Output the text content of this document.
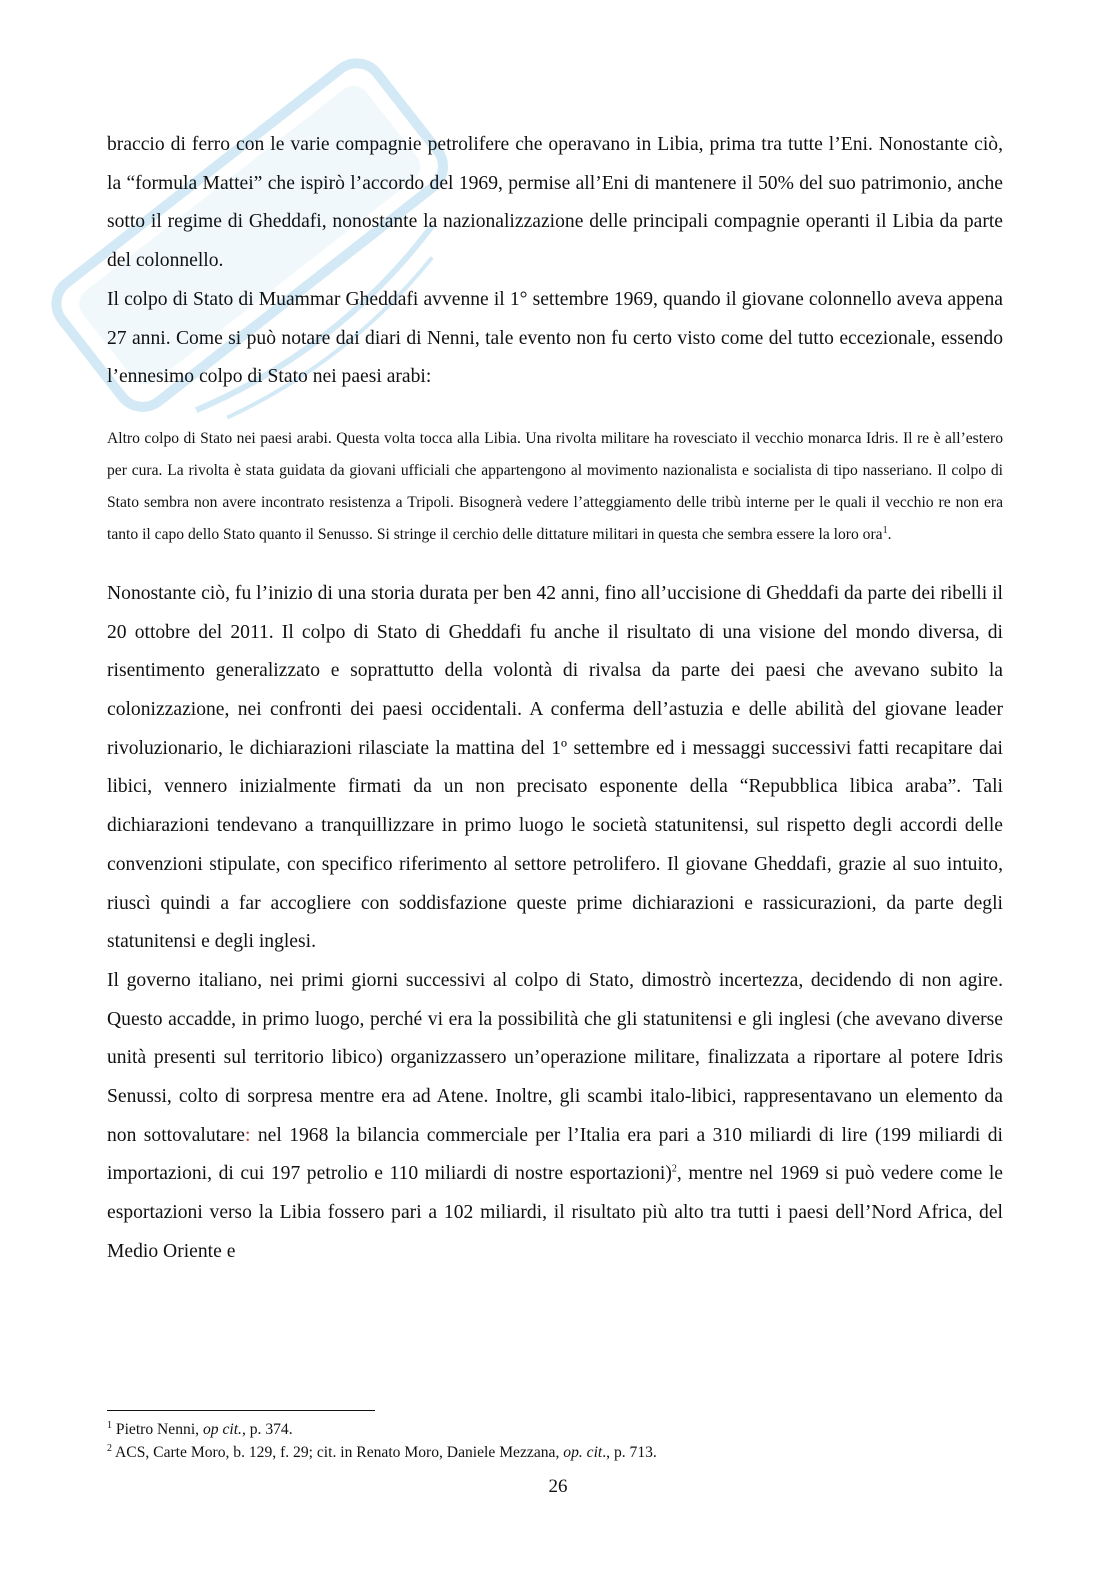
braccio di ferro con le varie compagnie petrolifere che operavano in Libia, prima tra tutte l’Eni. Nonostante ciò, la “formula Mattei” che ispirò l’accordo del 1969, permise all’Eni di mantenere il 50% del suo patrimonio, anche sotto il regime di Gheddafi, nonostante la nazionalizzazione delle principali compagnie operanti il Libia da parte del colonnello.

Il colpo di Stato di Muammar Gheddafi avvenne il 1° settembre 1969, quando il giovane colonnello aveva appena 27 anni. Come si può notare dai diari di Nenni, tale evento non fu certo visto come del tutto eccezionale, essendo l’ennesimo colpo di Stato nei paesi arabi:

Altro colpo di Stato nei paesi arabi. Questa volta tocca alla Libia. Una rivolta militare ha rovesciato il vecchio monarca Idris. Il re è all’estero per cura. La rivolta è stata guidata da giovani ufficiali che appartengono al movimento nazionalista e socialista di tipo nasseriano. Il colpo di Stato sembra non avere incontrato resistenza a Tripoli. Bisognerà vedere l’atteggiamento delle tribù interne per le quali il vecchio re non era tanto il capo dello Stato quanto il Senusso. Si stringe il cerchio delle dittature militari in questa che sembra essere la loro ora$^1$.

Nonostante ciò, fu l’inizio di una storia durata per ben 42 anni, fino all’uccisione di Gheddafi da parte dei ribelli il 20 ottobre del 2011. Il colpo di Stato di Gheddafi fu anche il risultato di una visione del mondo diversa, di risentimento generalizzato e soprattutto della volontà di rivalsa da parte dei paesi che avevano subito la colonizzazione, nei confronti dei paesi occidentali. A conferma dell’astuzia e delle abilità del giovane leader rivoluzionario, le dichiarazioni rilasciate la mattina del 1º settembre ed i messaggi successivi fatti recapitare dai libici, vennero inizialmente firmati da un non precisato esponente della “Repubblica libica araba”. Tali dichiarazioni tendevano a tranquillizzare in primo luogo le società statunitensi, sul rispetto degli accordi delle convenzioni stipulate, con specifico riferimento al settore petrolifero. Il giovane Gheddafi, grazie al suo intuito, riuscì quindi a far accogliere con soddisfazione queste prime dichiarazioni e rassicurazioni, da parte degli statunitensi e degli inglesi.

Il governo italiano, nei primi giorni successivi al colpo di Stato, dimostrò incertezza, decidendo di non agire. Questo accadde, in primo luogo, perché vi era la possibilità che gli statunitensi e gli inglesi (che avevano diverse unità presenti sul territorio libico) organizzassero un’operazione militare, finalizzata a riportare al potere Idris Senussi, colto di sorpresa mentre era ad Atene. Inoltre, gli scambi italo-libici, rappresentavano un elemento da non sottovalutare: nel 1968 la bilancia commerciale per l’Italia era pari a 310 miliardi di lire (199 miliardi di importazioni, di cui 197 petrolio e 110 miliardi di nostre esportazioni)$^2$, mentre nel 1969 si può vedere come le esportazioni verso la Libia fossero pari a 102 miliardi, il risultato più alto tra tutti i paesi dell’Nord Africa, del Medio Oriente e

$^1$ Pietro Nenni, op cit., p. 374.

$^2$ ACS, Carte Moro, b. 129, f. 29; cit. in Renato Moro, Daniele Mezzana, op. cit., p. 713.

26
